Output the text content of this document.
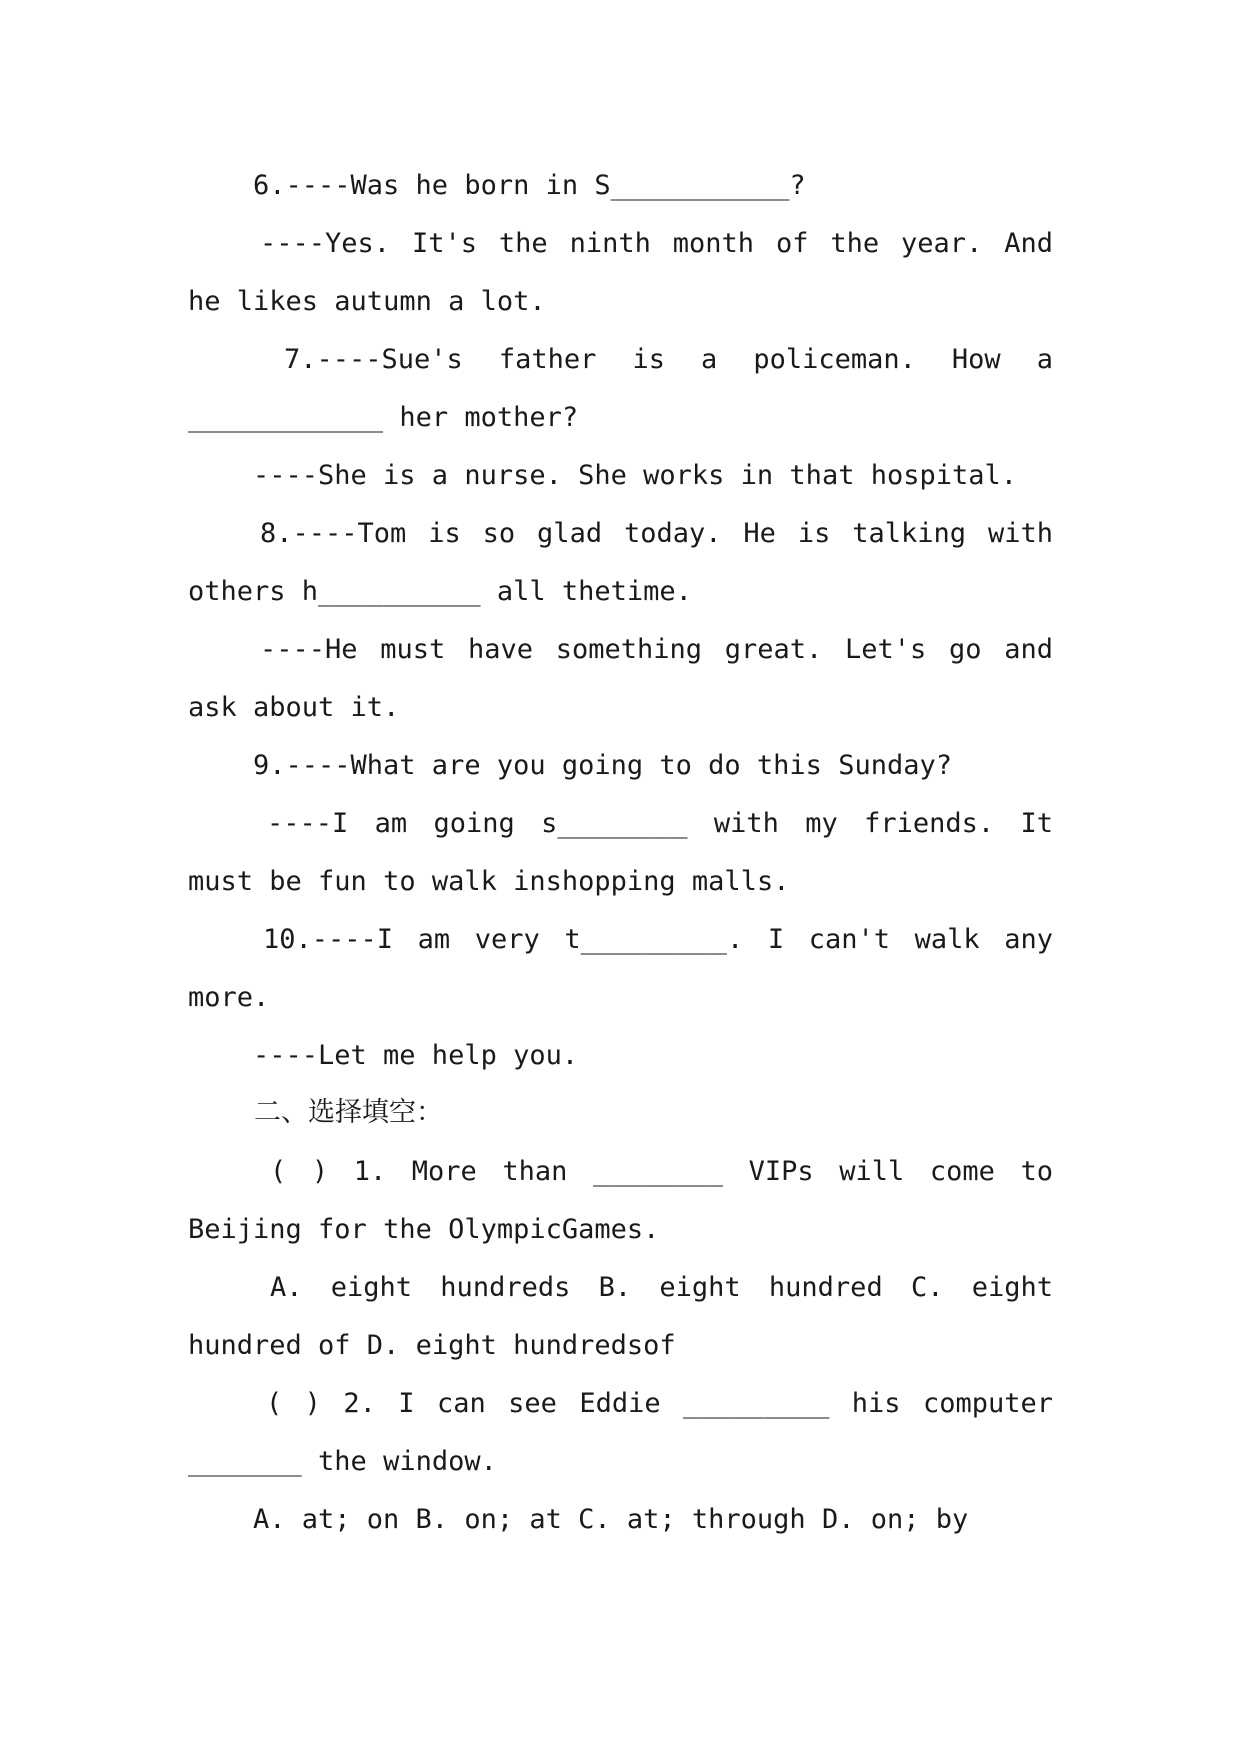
6.----Was he born in S___________?
----Yes. It's the ninth month of the year. And
he likes autumn a lot.
7.----Sue's father is a policeman. How a
____________ her mother?
----She is a nurse. She works in that hospital.
8.----Tom is so glad today. He is talking with
others h__________ all thetime.
----He must have something great. Let's go and
ask about it.
9.----What are you going to do this Sunday?
----I am going s________ with my friends. It
must be fun to walk inshopping malls.
10.----I am very t_________. I can't walk any
more.
----Let me help you.
二、选择填空：
( ) 1. More than ________ VIPs will come to
Beijing for the OlympicGames.
A. eight hundreds B. eight hundred C. eight
hundred of D. eight hundredsof
( ) 2. I can see Eddie _________ his computer
_______ the window.
A. at; on B. on; at C. at; through D. on; by
